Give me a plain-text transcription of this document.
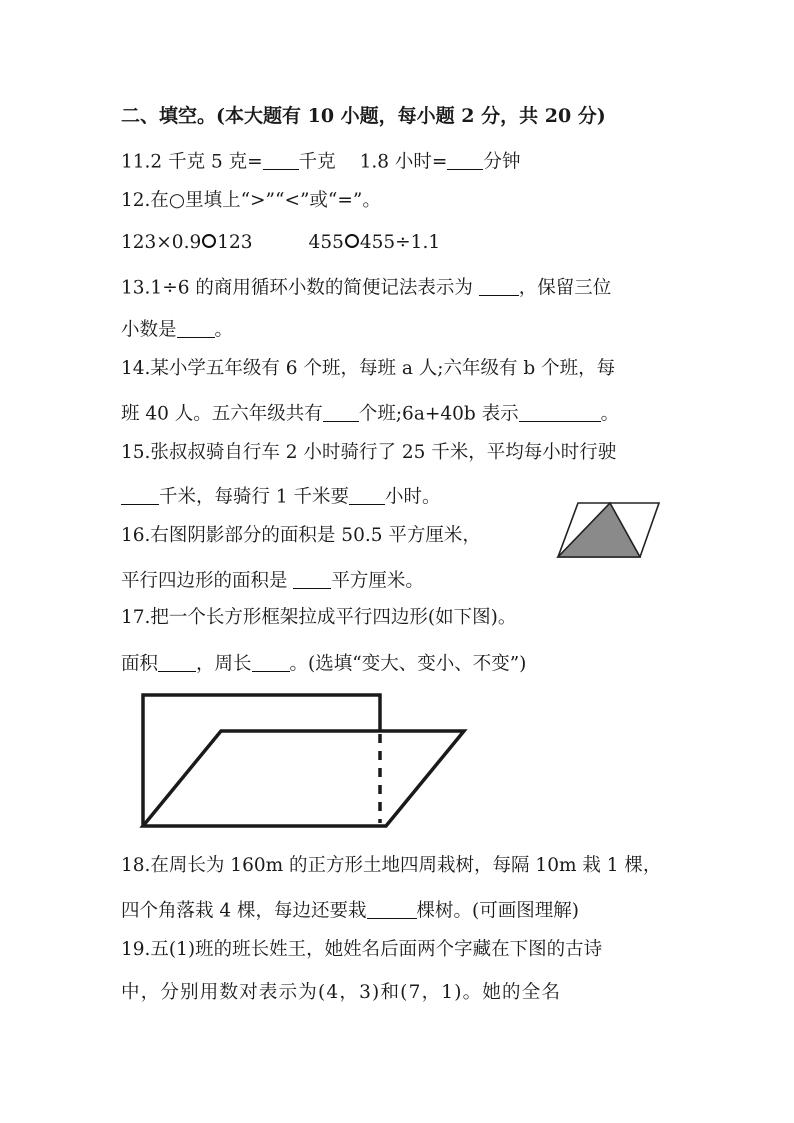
二、填空。(本大题有 10 小题，每小题 2 分，共 20 分)
11.2 千克 5 克= 千克 1.8 小时= 分钟
12.在○里填上“>”“<”或“=”。
123×0.9 123	455 455÷1.1
13.1÷6 的商用循环小数的简便记法表示为 ，保留三位
小数是 。
14.某小学五年级有 6 个班，每班 a 人;六年级有 b 个班，每
班 40 人。五六年级共有 个班;6a+40b 表示	。
15.张叔叔骑自行车 2 小时骑行了 25 千米，平均每小时行驶
千米，每骑行 1 千米要 小时。
16.右图阴影部分的面积是 50.5 平方厘米，
平行四边形的面积是 平方厘米。
17.把一个长方形框架拉成平行四边形(如下图)。
面积 ，周长 。(选填“变大、变小、不变”)
18.在周长为 160m 的正方形土地四周栽树，每隔 10m 栽 1 棵，
四个角落栽 4 棵，每边还要栽	棵树。(可画图理解)
19.五(1)班的班长姓王，她姓名后面两个字藏在下图的古诗
中，分别用数对表示为(4，3)和(7，1)。她的全名
